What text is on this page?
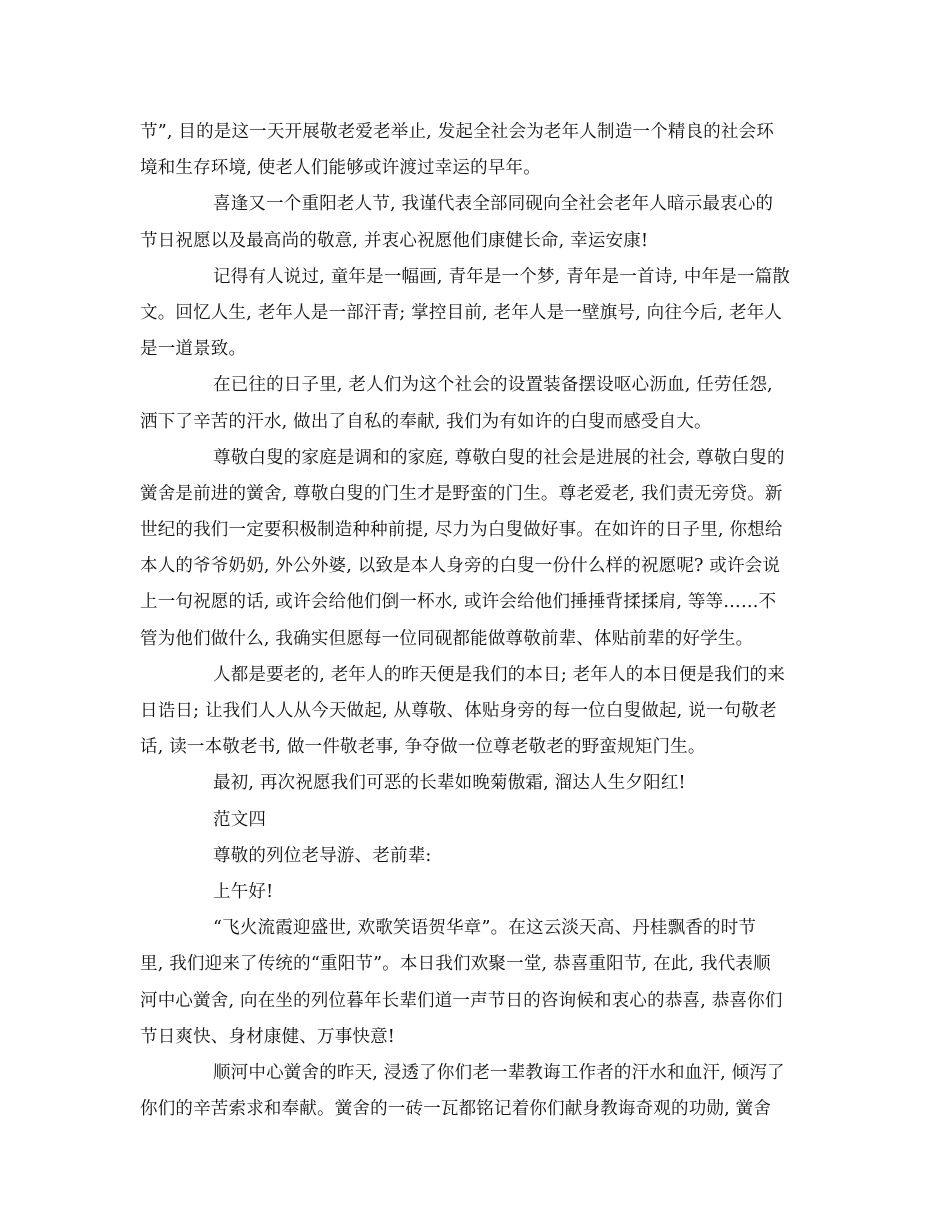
节”, 目的是这一天开展敬老爱老举止, 发起全社会为老年人制造一个精良的社会环
境和生存环境, 使老人们能够或许渡过幸运的早年。
喜逢又一个重阳老人节, 我谨代表全部同砚向全社会老年人暗示最衷心的
节日祝愿以及最高尚的敬意, 并衷心祝愿他们康健长命, 幸运安康!
记得有人说过, 童年是一幅画, 青年是一个梦, 青年是一首诗, 中年是一篇散
文。回忆人生, 老年人是一部汗青; 掌控目前, 老年人是一壁旗号, 向往今后, 老年人
是一道景致。
在已往的日子里, 老人们为这个社会的设置装备摆设呕心沥血, 任劳任怨,
洒下了辛苦的汗水, 做出了自私的奉献, 我们为有如许的白叟而感受自大。
尊敬白叟的家庭是调和的家庭, 尊敬白叟的社会是进展的社会, 尊敬白叟的
黉舍是前进的黉舍, 尊敬白叟的门生才是野蛮的门生。尊老爱老, 我们责无旁贷。新
世纪的我们一定要积极制造种种前提, 尽力为白叟做好事。在如许的日子里, 你想给
本人的爷爷奶奶, 外公外婆, 以致是本人身旁的白叟一份什么样的祝愿呢? 或许会说
上一句祝愿的话, 或许会给他们倒一杯水, 或许会给他们捶捶背揉揉肩, 等等……不
管为他们做什么, 我确实但愿每一位同砚都能做尊敬前辈、体贴前辈的好学生。
人都是要老的, 老年人的昨天便是我们的本日; 老年人的本日便是我们的来
日诰日; 让我们人人从今天做起, 从尊敬、体贴身旁的每一位白叟做起, 说一句敬老
话, 读一本敬老书, 做一件敬老事, 争夺做一位尊老敬老的野蛮规矩门生。
最初, 再次祝愿我们可恶的长辈如晚菊傲霜, 溜达人生夕阳红!
范文四
尊敬的列位老导游、老前辈:
上午好!
“飞火流霞迎盛世, 欢歌笑语贺华章”。在这云淡天高、丹桂飘香的时节
里, 我们迎来了传统的“重阳节”。本日我们欢聚一堂, 恭喜重阳节, 在此, 我代表顺
河中心黉舍, 向在坐的列位暮年长辈们道一声节日的咨询候和衷心的恭喜, 恭喜你们
节日爽快、身材康健、万事快意!
顺河中心黉舍的昨天, 浸透了你们老一辈教诲工作者的汗水和血汗, 倾泻了
你们的辛苦索求和奉献。黉舍的一砖一瓦都铭记着你们献身教诲奇观的功勋, 黉舍
